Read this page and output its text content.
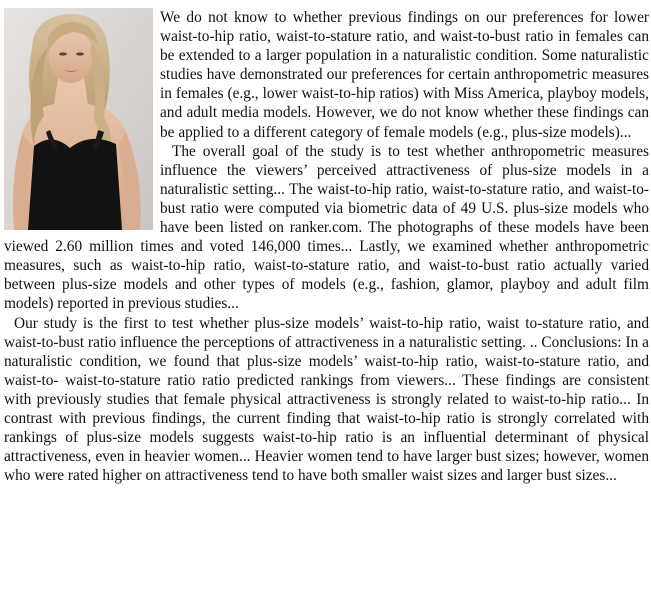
We do not know to whether previous findings on our preferences for lower waist-to-hip ratio, waist-to-stature ratio, and waist-to-bust ratio in females can be extended to a larger population in a naturalistic condition. Some naturalistic studies have demonstrated our preferences for certain anthropometric measures in females (e.g., lower waist-to-hip ratios) with Miss America, playboy models, and adult media models. However, we do not know whether these findings can be applied to a different category of female models (e.g., plus-size models)...

The overall goal of the study is to test whether anthropometric measures influence the viewers’ perceived attractiveness of plus-size models in a naturalistic setting... The waist-to-hip ratio, waist-to-stature ratio, and waist-to-bust ratio were computed via biometric data of 49 U.S. plus-size models who have been listed on ranker.com. The photographs of these models have been viewed 2.60 million times and voted 146,000 times... Lastly, we examined whether anthropometric measures, such as waist-to-hip ratio, waist-to-stature ratio, and waist-to-bust ratio actually varied between plus-size models and other types of models (e.g., fashion, glamor, playboy and adult film models) reported in previous studies...

Our study is the first to test whether plus-size models’ waist-to-hip ratio, waist to-stature ratio, and waist-to-bust ratio influence the perceptions of attractiveness in a naturalistic setting. .. Conclusions: In a naturalistic condition, we found that plus-size models’ waist-to-hip ratio, waist-to-stature ratio, and waist-to- waist-to-stature ratio ratio predicted rankings from viewers... These findings are consistent with previously studies that female physical attractiveness is strongly related to waist-to-hip ratio... In contrast with previous findings, the current finding that waist-to-hip ratio is strongly correlated with rankings of plus-size models suggests waist-to-hip ratio is an influential determinant of physical attractiveness, even in heavier women... Heavier women tend to have larger bust sizes; however, women who were rated higher on attractiveness tend to have both smaller waist sizes and larger bust sizes...
